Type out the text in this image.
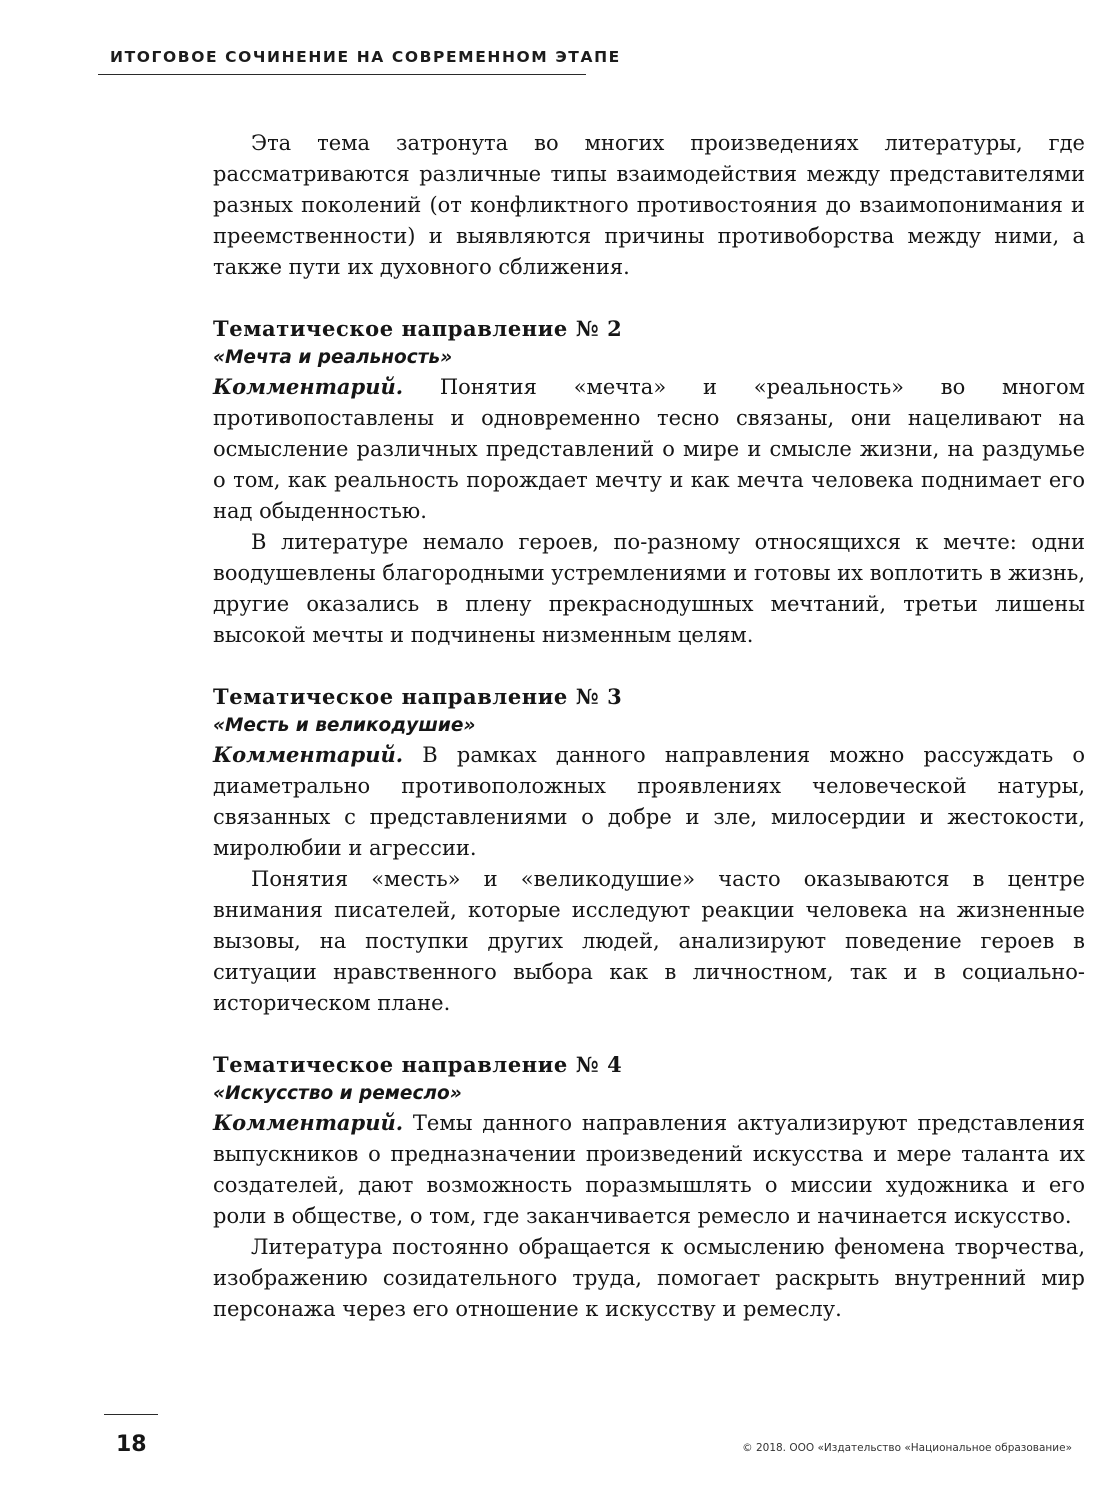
ИТОГОВОЕ СОЧИНЕНИЕ НА СОВРЕМЕННОМ ЭТАПЕ

Эта тема затронута во многих произведениях литературы, где рассматриваются различные типы взаимодействия между представителями разных поколений (от конфликтного противостояния до взаимопонимания и преемственности) и выявляются причины противоборства между ними, а также пути их духовного сближения.

Тематическое направление № 2
«Мечта и реальность»

Комментарий. Понятия «мечта» и «реальность» во многом противопоставлены и одновременно тесно связаны, они нацеливают на осмысление различных представлений о мире и смысле жизни, на раздумье о том, как реальность порождает мечту и как мечта человека поднимает его над обыденностью.

В литературе немало героев, по-разному относящихся к мечте: одни воодушевлены благородными устремлениями и готовы их воплотить в жизнь, другие оказались в плену прекраснодушных мечтаний, третьи лишены высокой мечты и подчинены низменным целям.

Тематическое направление № 3
«Месть и великодушие»

Комментарий. В рамках данного направления можно рассуждать о диаметрально противоположных проявлениях человеческой натуры, связанных с представлениями о добре и зле, милосердии и жестокости, миролюбии и агрессии.

Понятия «месть» и «великодушие» часто оказываются в центре внимания писателей, которые исследуют реакции человека на жизненные вызовы, на поступки других людей, анализируют поведение героев в ситуации нравственного выбора как в личностном, так и в социально-историческом плане.

Тематическое направление № 4
«Искусство и ремесло»

Комментарий. Темы данного направления актуализируют представления выпускников о предназначении произведений искусства и мере таланта их создателей, дают возможность поразмышлять о миссии художника и его роли в обществе, о том, где заканчивается ремесло и начинается искусство.

Литература постоянно обращается к осмыслению феномена творчества, изображению созидательного труда, помогает раскрыть внутренний мир персонажа через его отношение к искусству и ремеслу.

18	© 2018. ООО «Издательство «Национальное образование»
